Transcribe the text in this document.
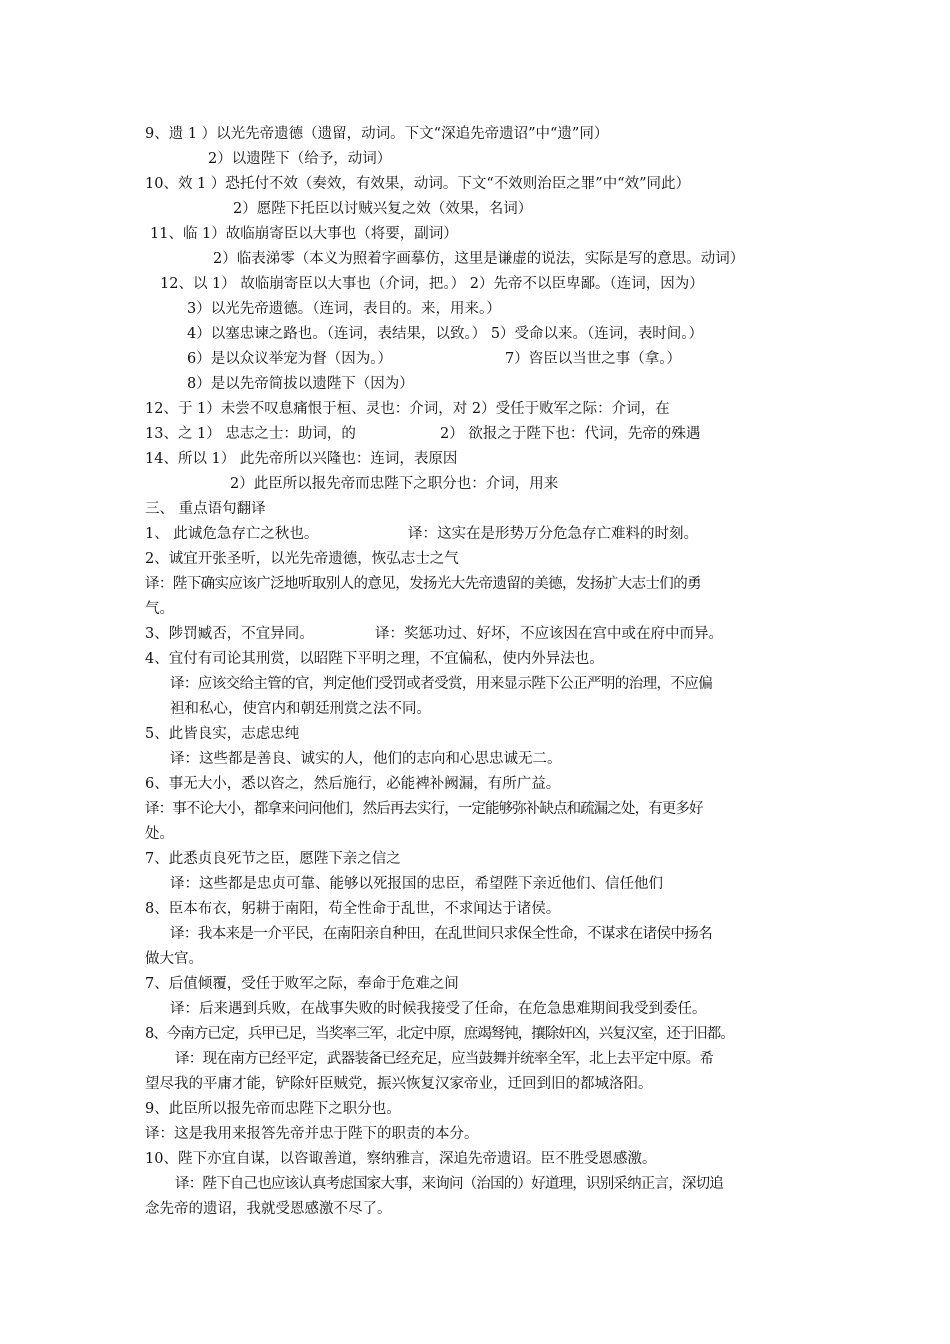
9、遗 1 ）以光先帝遗德（遗留，动词。下文“深追先帝遗诏”中“遗”同）
2）以遗陛下（给予，动词）
10、效 1 ）恐托付不效（奏效，有效果，动词。下文“不效则治臣之罪”中“效”同此）
2）愿陛下托臣以讨贼兴复之效（效果，名词）
11、临 1）故临崩寄臣以大事也（将要，副词）
2）临表涕零（本义为照着字画摹仿，这里是谦虚的说法，实际是写的意思。动词）
12、以 1） 故临崩寄臣以大事也（介词，把。） 2）先帝不以臣卑鄙。（连词，因为）
3）以光先帝遗德。（连词，表目的。来，用来。）
4）以塞忠谏之路也。（连词，表结果，以致。） 5）受命以来。（连词，表时间。）
6）是以众议举宠为督（因为。）	7）咨臣以当世之事（拿。）
8）是以先帝简拔以遗陛下（因为）
12、于 1）未尝不叹息痛恨于桓、灵也：介词，对 2）受任于败军之际：介词，在
13、之 1） 忠志之士：助词，的	2） 欲报之于陛下也：代词，先帝的殊遇
14、所以 1） 此先帝所以兴隆也：连词，表原因
2）此臣所以报先帝而忠陛下之职分也：介词，用来
三、 重点语句翻译
1、 此诚危急存亡之秋也。	译：这实在是形势万分危急存亡难料的时刻。
2、诚宜开张圣听，以光先帝遗德，恢弘志士之气
译：陛下确实应该广泛地听取别人的意见，发扬光大先帝遗留的美德，发扬扩大志士们的勇
气。
3、陟罚臧否，不宜异同。	译：奖惩功过、好坏，不应该因在宫中或在府中而异。
4、宜付有司论其刑赏，以昭陛下平明之理，不宜偏私，使内外异法也。
译：应该交给主管的官，判定他们受罚或者受赏，用来显示陛下公正严明的治理，不应偏
袒和私心，使宫内和朝廷刑赏之法不同。
5、此皆良实，志虑忠纯
译：这些都是善良、诚实的人，他们的志向和心思忠诚无二。
6、事无大小，悉以咨之，然后施行，必能裨补阙漏，有所广益。
译：事不论大小，都拿来问问他们，然后再去实行，一定能够弥补缺点和疏漏之处，有更多好
处。
7、此悉贞良死节之臣，愿陛下亲之信之
译：这些都是忠贞可靠、能够以死报国的忠臣，希望陛下亲近他们、信任他们
8、臣本布衣，躬耕于南阳，苟全性命于乱世，不求闻达于诸侯。
译：我本来是一介平民，在南阳亲自种田，在乱世间只求保全性命，不谋求在诸侯中扬名
做大官。
7、后值倾覆，受任于败军之际，奉命于危难之间
译：后来遇到兵败，在战事失败的时候我接受了任命，在危急患难期间我受到委任。
8、今南方已定，兵甲已足，当奖率三军，北定中原，庶竭驽钝，攘除奸凶，兴复汉室，还于旧都。
译：现在南方已经平定，武器装备已经充足，应当鼓舞并统率全军，北上去平定中原。希
望尽我的平庸才能，铲除奸臣贼党，振兴恢复汉家帝业，迁回到旧的都城洛阳。
9、此臣所以报先帝而忠陛下之职分也。
译：这是我用来报答先帝并忠于陛下的职责的本分。
10、陛下亦宜自谋，以咨诹善道，察纳雅言，深追先帝遗诏。臣不胜受恩感激。
译：陛下自己也应该认真考虑国家大事，来询问（治国的）好道理，识别采纳正言，深切追
念先帝的遗诏，我就受恩感激不尽了。
